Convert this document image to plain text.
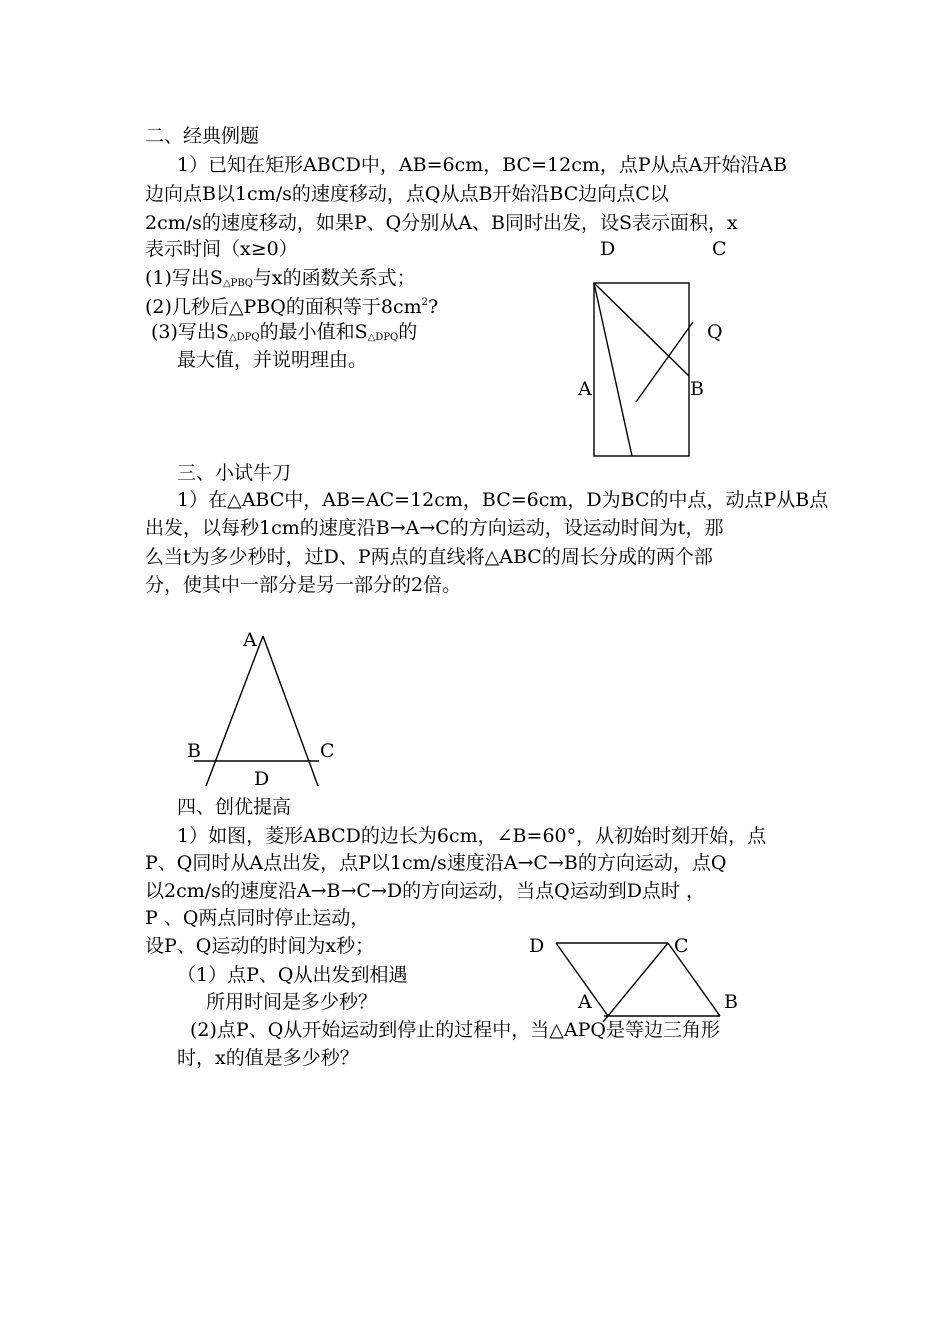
二、经典例题
1）已知在矩形ABCD中，AB=6cm，BC=12cm，点P从点A开始沿AB
边向点B以1cm/s的速度移动，点Q从点B开始沿BC边向点C以
2cm/s的速度移动，如果P、Q分别从A、B同时出发，设S表示面积，x
表示时间（x≥0）
(1)写出$S_{\triangle PBQ}$与x的函数关系式；
(2)几秒后△PBQ的面积等于$8cm^2$?
(3)写出$S_{\triangle DPQ}$的最小值和$S_{\triangle DPQ}$的
最大值，并说明理由。
三、小试牛刀
1）在△ABC中，AB=AC=12cm，BC=6cm，D为BC的中点，动点P从B点
出发，以每秒1cm的速度沿B→A→C的方向运动，设运动时间为t，那
么当t为多少秒时，过D、P两点的直线将△ABC的周长分成的两个部
分，使其中一部分是另一部分的2倍。
四、创优提高
1）如图，菱形ABCD的边长为6cm，∠B=60°，从初始时刻开始，点
P、Q同时从A点出发，点P以1cm/s速度沿A→C→B的方向运动，点Q
以2cm/s的速度沿A→B→C→D的方向运动，当点Q运动到D点时 ，
P 、Q两点同时停止运动，
设P、Q运动的时间为x秒；
（1）点P、Q从出发到相遇
所用时间是多少秒？
(2)点P、Q从开始运动到停止的过程中，当△APQ是等边三角形
时，x的值是多少秒？
D	C
Q
A	B
A
B	C
D
D	C
A	B
